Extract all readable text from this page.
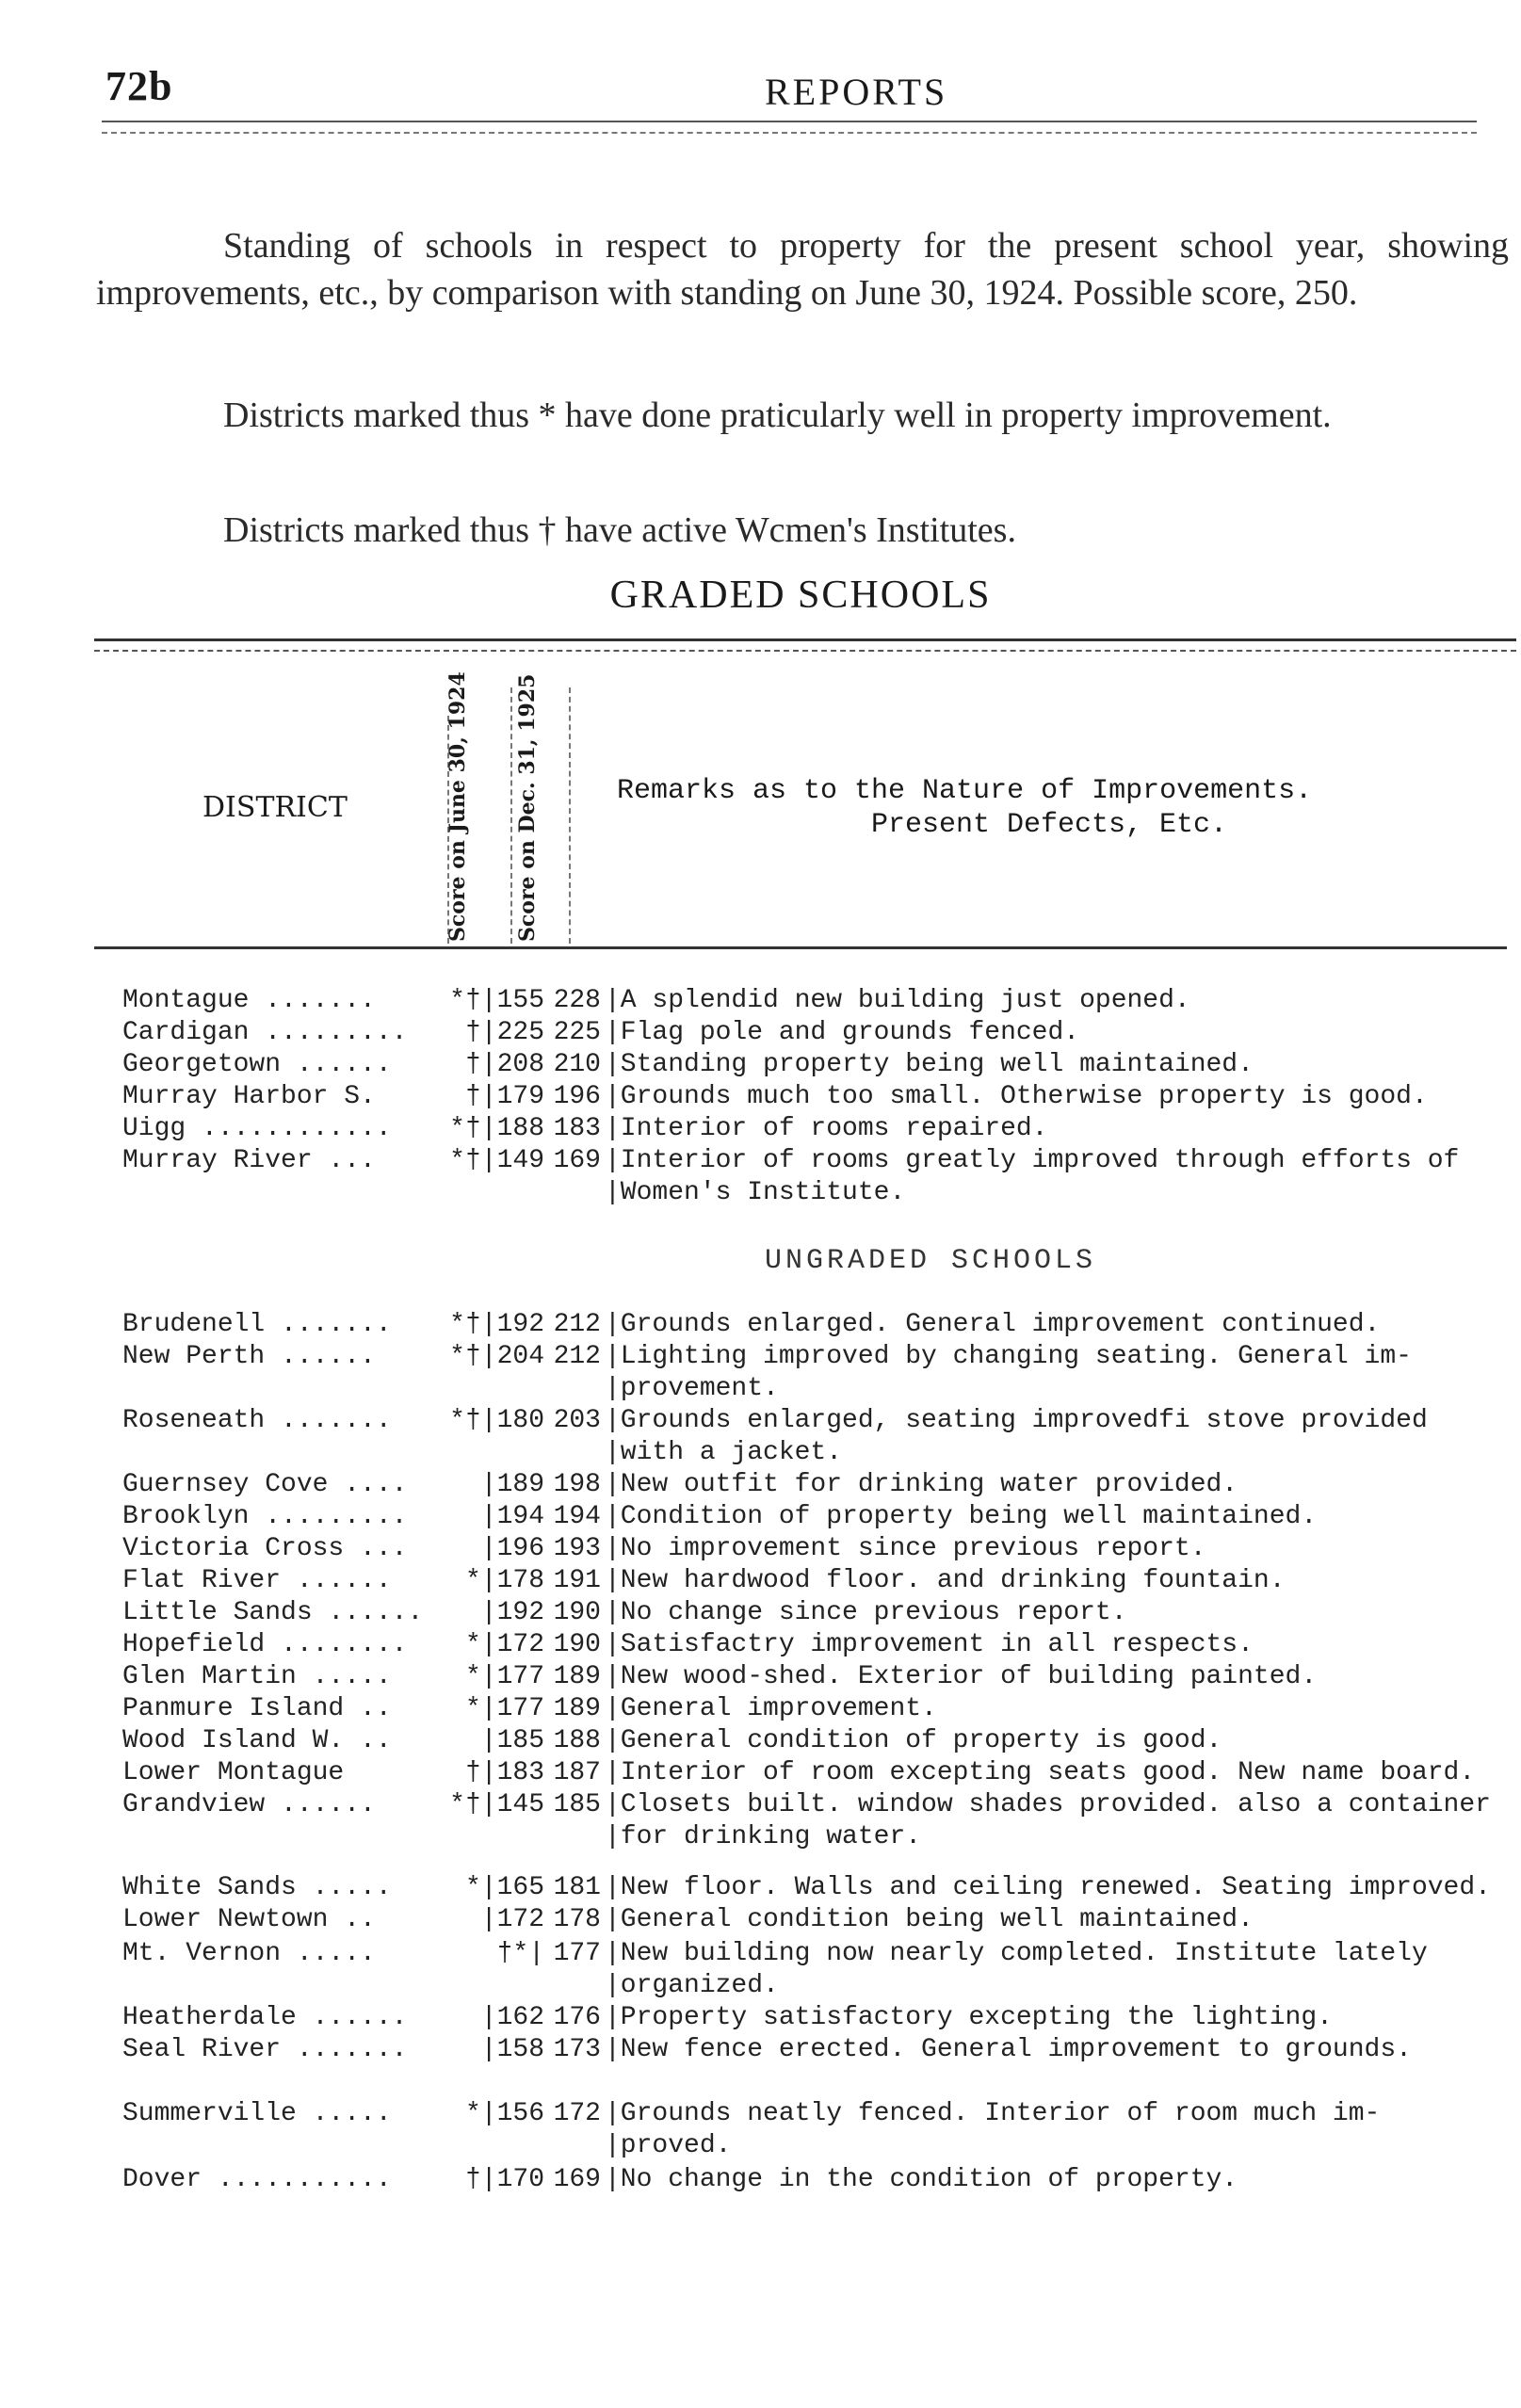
72b	REPORTS

Standing of schools in respect to property for the present school year, showing improvements, etc., by comparison with standing on June 30, 1924. Possible score, 250.

Districts marked thus * have done praticularly well in property improvement.

Districts marked thus † have active Wcmen's Institutes.

GRADED SCHOOLS
DISTRICT	Score on June 30, 1924 Score on Dec. 31, 1925	Remarks as to the Nature of Improvements.
Present Defects, Etc.
Montague .......	*†|155 228 |A splendid new building just opened.
Cardigan ......... †|225 225 |Flag pole and grounds fenced.
Georgetown ......	†|208 210 |Standing property being well maintained.
Murray Harbor S.	†|179 196 |Grounds much too small. Otherwise property is good.
Uigg ............ *†|188 183 |Interior of rooms repaired.
Murray River ...	*†|149 169 |Interior of rooms greatly improved through efforts of
|Women's Institute.
UNGRADED SCHOOLS
Brudenell ....... *†|192 212 |Grounds enlarged. General improvement continued.
New Perth ......	*†|204 212 |Lighting improved by changing seating. General im-
|provement.
Roseneath ....... *†|180 203 |Grounds enlarged, seating improvedfi stove provided
|with a jacket.
Guernsey Cove ....	|189 198 |New outfit for drinking water provided.
Brooklyn .........	|194 194 |Condition of property being well maintained.
Victoria Cross ...	|196 193 |No improvement since previous report.
Flat River ......	*|178 191 |New hardwood floor. and drinking fountain.
Little Sands ...... |192 190 |No change since previous report.
Hopefield ........ *|172 190 |Satisfactry improvement in all respects.
Glen Martin .....	*|177 189 |New wood-shed. Exterior of building painted.
Panmure Island ..	*|177 189 |General improvement.
Wood Island W. ..	|185 188 |General condition of property is good.
Lower Montague	†|183 187 |Interior of room excepting seats good. New name board.
Grandview ......	*†|145 185 |Closets built. window shades provided. also a container
|for drinking water.
White Sands .....	*|165 181 |New floor. Walls and ceiling renewed. Seating improved.
Lower Newtown ..	|172 178 |General condition being well maintained.
Mt. Vernon .....	†*| 177 |New building now nearly completed. Institute lately
|organized.
Heatherdale ......	|162 176 |Property satisfactory excepting the lighting.
Seal River .......	|158 173 |New fence erected. General improvement to grounds.
Summerville .....	*|156 172 |Grounds neatly fenced. Interior of room much im-
|proved.
Dover ...........	†|170 169 |No change in the condition of property.
